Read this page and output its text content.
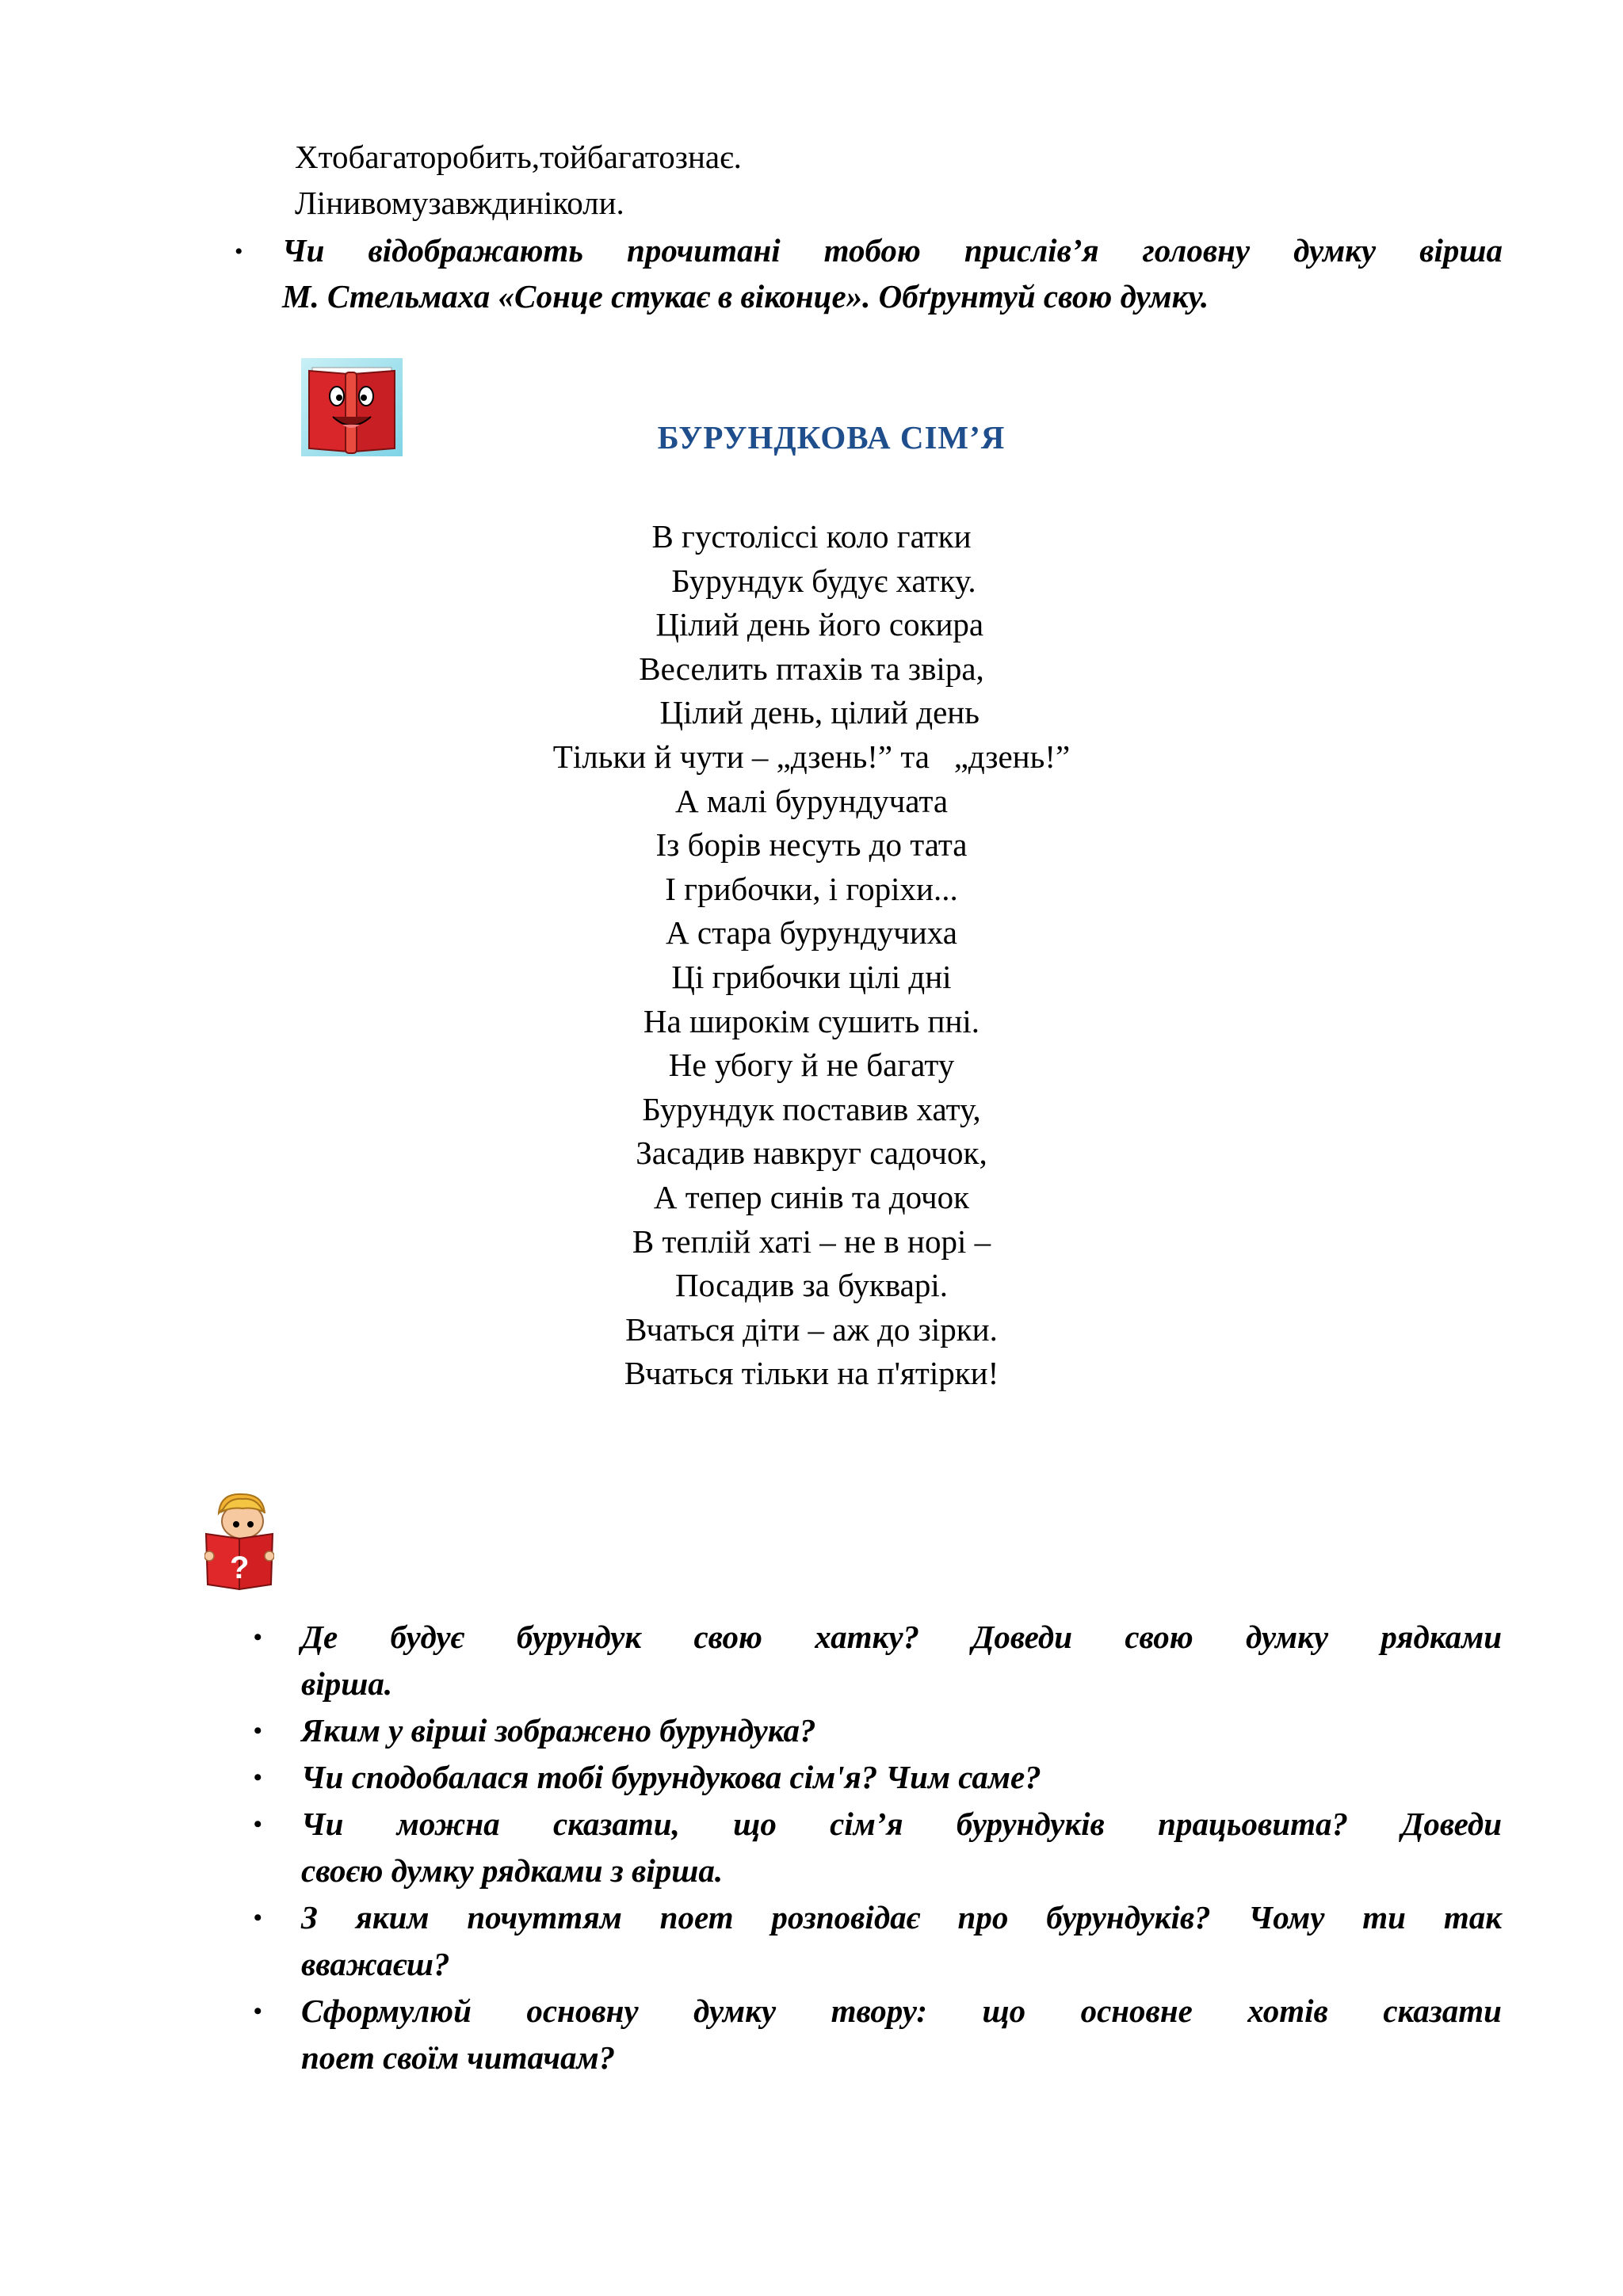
Хтобагаторобить,тойбагатознає.
Лінивомузавждиніколи.
• Чи відображають прочитані тобою прислів’я головну думку вірша
М. Стельмаха «Сонце стукає в віконце». Обґрунтуй свою думку.
БУРУНДКОВА СІМ’Я
В густоліссі коло гатки
Бурундук будує хатку.
Цілий день його сокира
Веселить птахів та звіра,
Цілий день, цілий день
Тільки й чути – „дзень!” та   „дзень!”
А малі бурундучата
Із борів несуть до тата
І грибочки, і горіхи...
А стара бурундучиха
Ці грибочки цілі дні
На широкім сушить пні.
Не убогу й не багату
Бурундук поставив хату,
Засадив навкруг садочок,
А тепер синів та дочок
В теплій хаті – не в норі –
Посадив за букварі.
Вчаться діти – аж до зірки.
Вчаться тільки на п'ятірки!
?
• Де будує бурундук свою хатку? Доведи свою думку рядками
вірша.
• Яким у вірші зображено бурундука?
• Чи сподобалася тобі бурундукова сім'я? Чим саме?
• Чи можна сказати, що сім’я бурундуків працьовита? Доведи
своєю думку рядками з вірша.
• З яким почуттям поет розповідає про бурундуків? Чому ти так
вважаєш?
• Сформулюй основну думку твору: що основне хотів сказати
поет своїм читачам?
